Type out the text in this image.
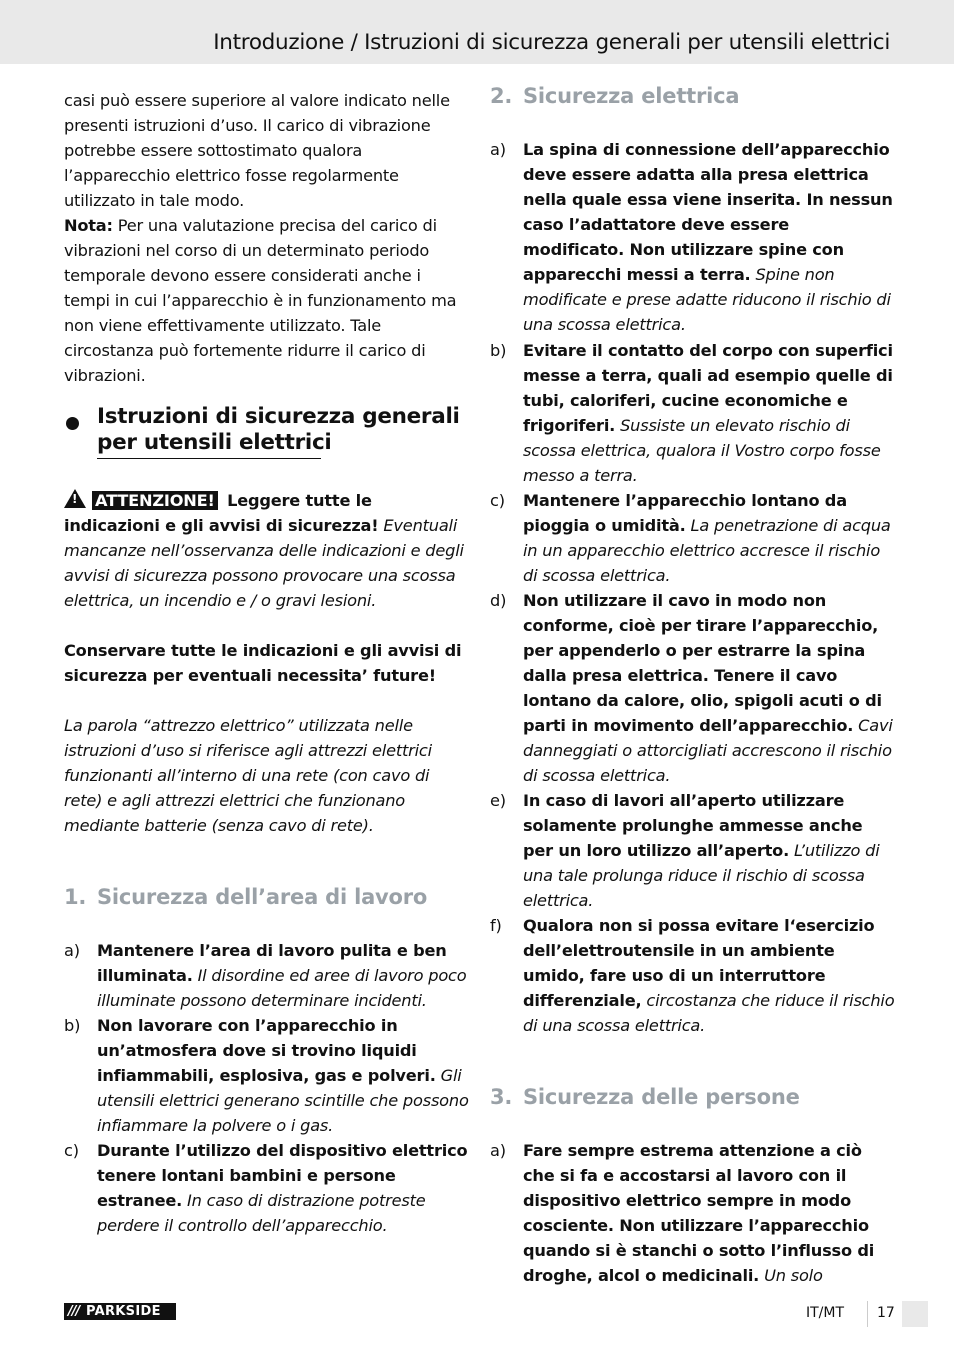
Introduzione / Istruzioni di sicurezza generali per utensili elettrici
casi può essere superiore al valore indicato nelle presenti istruzioni d’uso. Il carico di vibrazione potrebbe essere sottostimato qualora l’apparecchio elettrico fosse regolarmente utilizzato in tale modo.
Nota: Per una valutazione precisa del carico di vibrazioni nel corso di un determinato periodo temporale devono essere considerati anche i tempi in cui l’apparecchio è in funzionamento ma non viene effettivamente utilizzato. Tale circostanza può fortemente ridurre il carico di vibrazioni.
Istruzioni di sicurezza generali
per utensili elettrici
! ATTENZIONE! Leggere tutte le indicazioni e gli avvisi di sicurezza! Eventuali mancanze nell’osservanza delle indicazioni e degli avvisi di sicurezza possono provocare una scossa elettrica, un incendio e / o gravi lesioni.
Conservare tutte le indicazioni e gli avvisi di sicurezza per eventuali necessita’ future!
La parola “attrezzo elettrico” utilizzata nelle istruzioni d’uso si riferisce agli attrezzi elettrici funzionanti all’interno di una rete (con cavo di rete) e agli attrezzi elettrici che funzionano mediante batterie (senza cavo di rete).
1. Sicurezza dell’area di lavoro
a) Mantenere l’area di lavoro pulita e ben illuminata. Il disordine ed aree di lavoro poco illuminate possono determinare incidenti.
b) Non lavorare con l’apparecchio in un’atmosfera dove si trovino liquidi infiammabili, esplosiva, gas e polveri. Gli utensili elettrici generano scintille che possono infiammare la polvere o i gas.
c) Durante l’utilizzo del dispositivo elettrico tenere lontani bambini e persone estranee. In caso di distrazione potreste perdere il controllo dell’apparecchio.
2. Sicurezza elettrica
a) La spina di connessione dell’apparecchio deve essere adatta alla presa elettrica nella quale essa viene inserita. In nessun caso l’adattatore deve essere modificato. Non utilizzare spine con apparecchi messi a terra. Spine non modificate e prese adatte riducono il rischio di una scossa elettrica.
b) Evitare il contatto del corpo con superfici messe a terra, quali ad esempio quelle di tubi, caloriferi, cucine economiche e frigoriferi. Sussiste un elevato rischio di scossa elettrica, qualora il Vostro corpo fosse messo a terra.
c) Mantenere l’apparecchio lontano da pioggia o umidità. La penetrazione di acqua in un apparecchio elettrico accresce il rischio di scossa elettrica.
d) Non utilizzare il cavo in modo non conforme, cioè per tirare l’apparecchio, per appenderlo o per estrarre la spina dalla presa elettrica. Tenere il cavo lontano da calore, olio, spigoli acuti o di parti in movimento dell’apparecchio. Cavi danneggiati o attorcigliati accrescono il rischio di scossa elettrica.
e) In caso di lavori all’aperto utilizzare solamente prolunghe ammesse anche per un loro utilizzo all’aperto. L’utilizzo di una tale prolunga riduce il rischio di scossa elettrica.
f) Qualora non si possa evitare l‘esercizio dell’elettroutensile in un ambiente umido, fare uso di un interruttore differenziale, circostanza che riduce il rischio di una scossa elettrica.
3. Sicurezza delle persone
a) Fare sempre estrema attenzione a ciò che si fa e accostarsi al lavoro con il dispositivo elettrico sempre in modo cosciente. Non utilizzare l’apparecchio quando si è stanchi o sotto l’influsso di droghe, alcol o medicinali. Un solo
/// PARKSIDE	IT/MT 17
